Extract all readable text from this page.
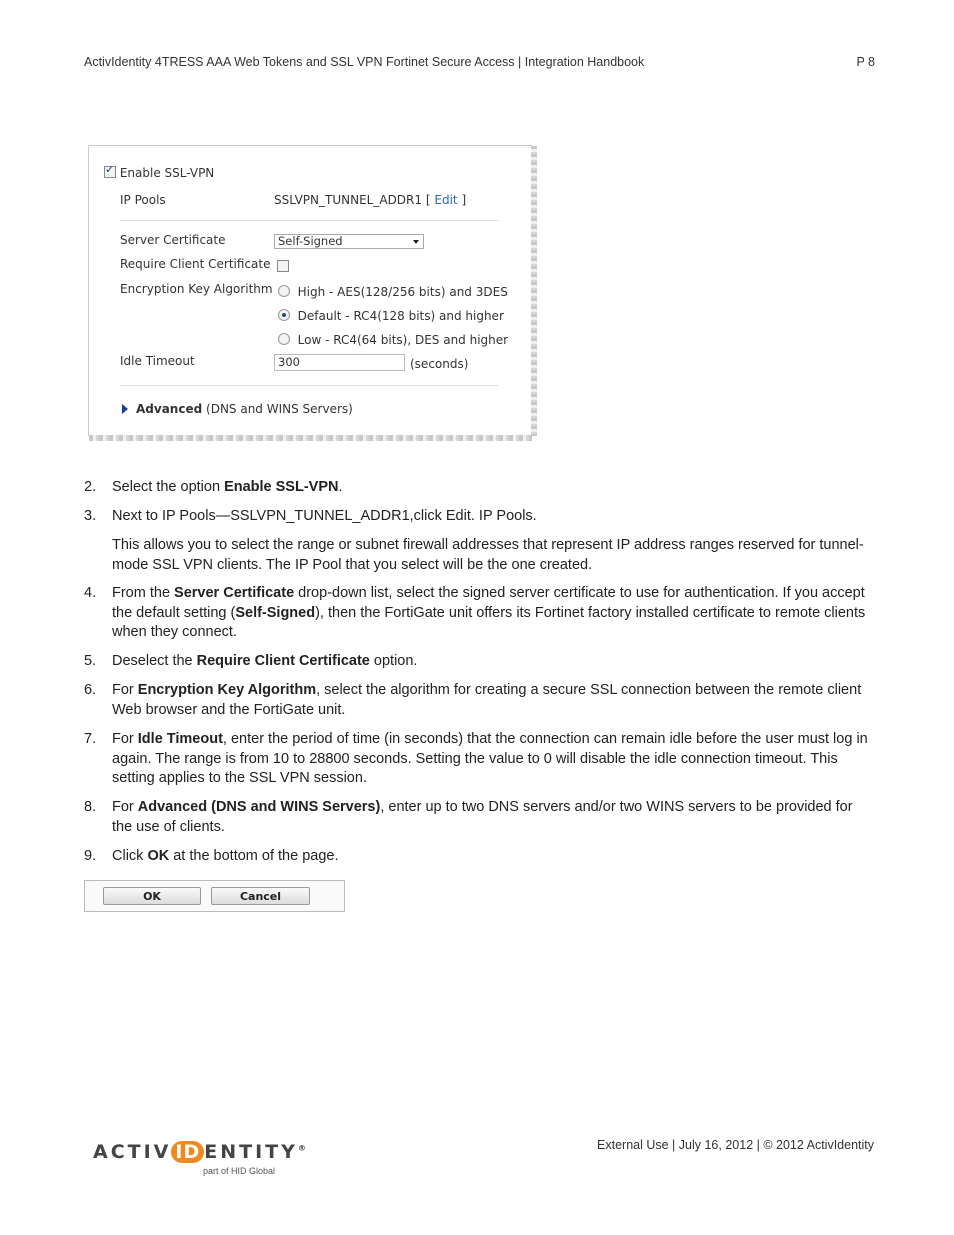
ActivIdentity 4TRESS AAA Web Tokens and SSL VPN Fortinet Secure Access | Integration Handbook	P 8
✓ Enable SSL-VPN
IP Pools	SSLVPN_TUNNEL_ADDR1 [ Edit ]
Server Certificate	Self-Signed
Require Client Certificate
Encryption Key Algorithm	High - AES(128/256 bits) and 3DES
Default - RC4(128 bits) and higher
Low - RC4(64 bits), DES and higher
Idle Timeout	300	(seconds)
Advanced (DNS and WINS Servers)
2. Select the option Enable SSL-VPN.
3. Next to IP Pools—SSLVPN_TUNNEL_ADDR1,click Edit. IP Pools.
This allows you to select the range or subnet firewall addresses that represent IP address ranges reserved for tunnel-mode SSL VPN clients. The IP Pool that you select will be the one created.
4. From the Server Certificate drop-down list, select the signed server certificate to use for authentication. If you accept the default setting (Self-Signed), then the FortiGate unit offers its Fortinet factory installed certificate to remote clients when they connect.
5. Deselect the Require Client Certificate option.
6. For Encryption Key Algorithm, select the algorithm for creating a secure SSL connection between the remote client Web browser and the FortiGate unit.
7. For Idle Timeout, enter the period of time (in seconds) that the connection can remain idle before the user must log in again. The range is from 10 to 28800 seconds. Setting the value to 0 will disable the idle connection timeout. This setting applies to the SSL VPN session.
8. For Advanced (DNS and WINS Servers), enter up to two DNS servers and/or two WINS servers to be provided for the use of clients.
9. Click OK at the bottom of the page.
OK	Cancel
ACTIV ID ENTITY®
part of HID Global
External Use | July 16, 2012 | © 2012 ActivIdentity
